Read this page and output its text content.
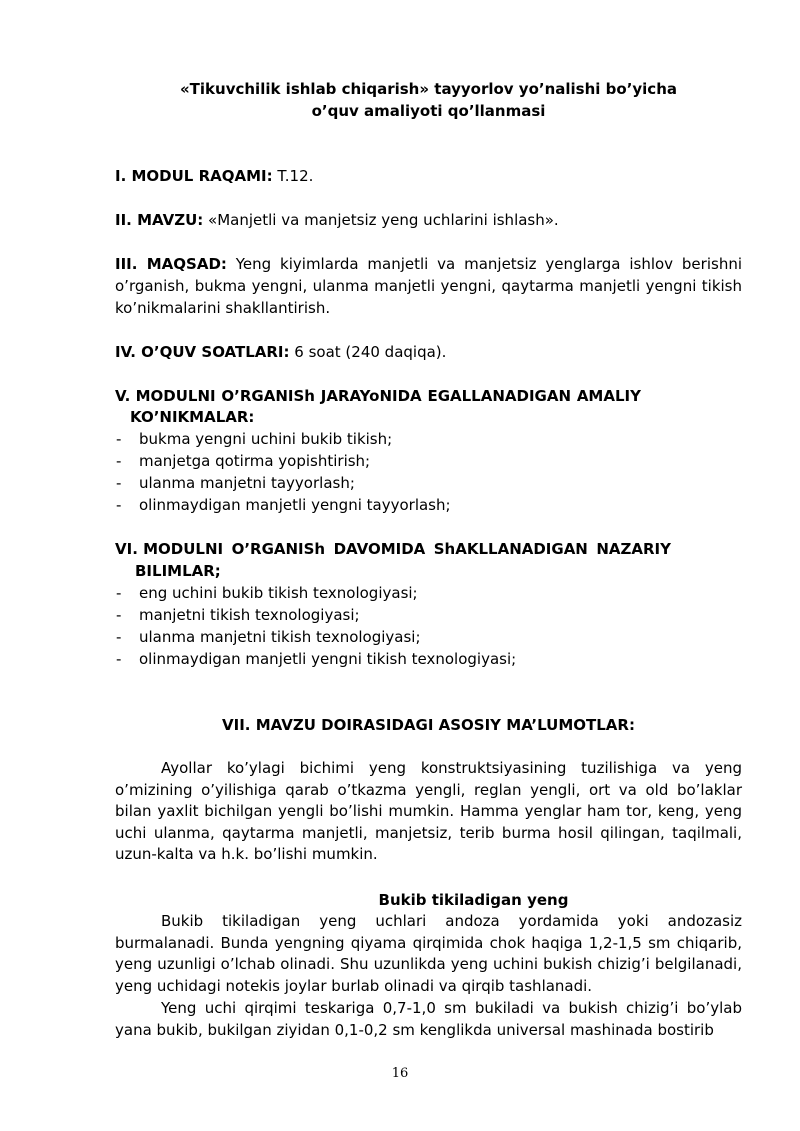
«Tikuvchilik ishlab chiqarish» tayyorlov yo’nalishi bo’yicha
o’quv amaliyoti qo’llanmasi
I. MODUL RAQAMI: T.12.
II. MAVZU: «Manjetli va manjetsiz yeng uchlarini ishlash».
III. MAQSAD: Yeng kiyimlarda manjetli va manjetsiz yenglarga ishlov berishni o’rganish, bukma yengni, ulanma manjetli yengni, qaytarma manjetli yengni tikish ko’nikmalarini shakllantirish.
IV. O’QUV SOATLARI: 6 soat (240 daqiqa).
V. MODULNI O’RGANISh JARAYoNIDA EGALLANADIGAN AMALIY
KO’NIKMALAR:
- bukma yengni uchini bukib tikish;
- manjetga qotirma yopishtirish;
- ulanma manjetni tayyorlash;
- olinmaydigan manjetli yengni tayyorlash;
VI. MODULNI O’RGANISh DAVOMIDA ShAKLLANADIGAN NAZARIY
BILIMLAR;
- eng uchini bukib tikish texnologiyasi;
- manjetni tikish texnologiyasi;
- ulanma manjetni tikish texnologiyasi;
- olinmaydigan manjetli yengni tikish texnologiyasi;
VII. MAVZU DOIRASIDAGI ASOSIY MA’LUMOTLAR:
Ayollar ko’ylagi bichimi yeng konstruktsiyasining tuzilishiga va yeng o’mizining o’yilishiga qarab o’tkazma yengli, reglan yengli, ort va old bo’laklar bilan yaxlit bichilgan yengli bo’lishi mumkin. Hamma yenglar ham tor, keng, yeng uchi ulanma, qaytarma manjetli, manjetsiz, terib burma hosil qilingan, taqilmali, uzun-kalta va h.k. bo’lishi mumkin.
Bukib tikiladigan yeng
Bukib tikiladigan yeng uchlari andoza yordamida yoki andozasiz burmalanadi. Bunda yengning qiyama qirqimida chok haqiga 1,2-1,5 sm chiqarib, yeng uzunligi o’lchab olinadi. Shu uzunlikda yeng uchini bukish chizig’i belgilanadi, yeng uchidagi notekis joylar burlab olinadi va qirqib tashlanadi.
Yeng uchi qirqimi teskariga 0,7-1,0 sm bukiladi va bukish chizig’i bo’ylab yana bukib, bukilgan ziyidan 0,1-0,2 sm kenglikda universal mashinada bostirib
16
